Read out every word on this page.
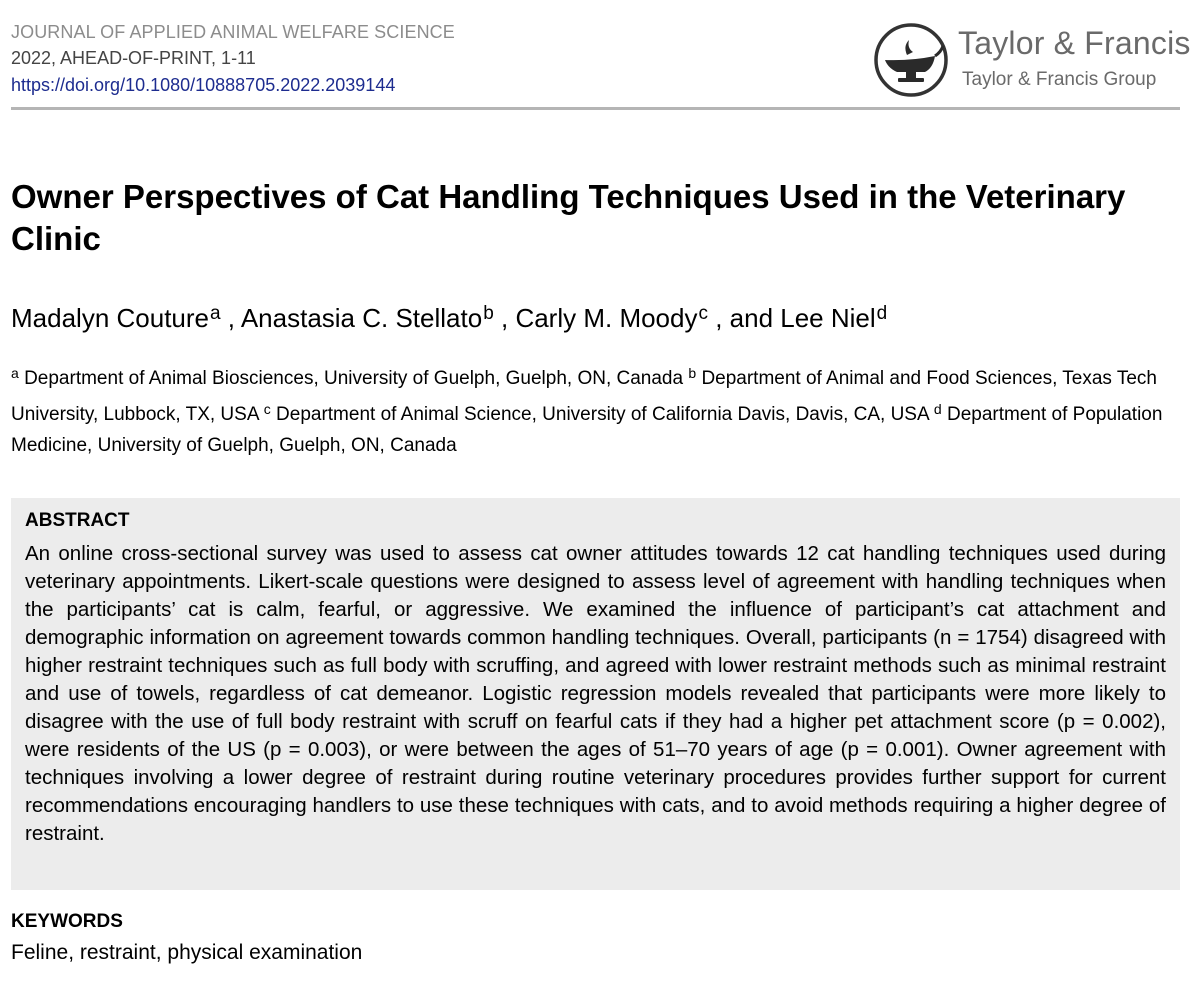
JOURNAL OF APPLIED ANIMAL WELFARE SCIENCE
2022, AHEAD-OF-PRINT, 1-11
https://doi.org/10.1080/10888705.2022.2039144
Taylor & Francis
Taylor & Francis Group
Owner Perspectives of Cat Handling Techniques Used in the Veterinary Clinic
Madalyn Couture$^a$ , Anastasia C. Stellato$^b$ , Carly M. Moody$^c$ , and Lee Niel$^d$
$^a$ Department of Animal Biosciences, University of Guelph, Guelph, ON, Canada $^b$ Department of Animal and Food Sciences, Texas Tech University, Lubbock, TX, USA $^c$ Department of Animal Science, University of California Davis, Davis, CA, USA $^d$ Department of Population Medicine, University of Guelph, Guelph, ON, Canada
ABSTRACT

An online cross-sectional survey was used to assess cat owner attitudes towards 12 cat handling techniques used during veterinary appointments. Likert-scale questions were designed to assess level of agreement with handling techniques when the participants’ cat is calm, fearful, or aggressive. We examined the influence of participant’s cat attachment and demographic information on agreement towards common handling techniques. Overall, participants (n = 1754) disagreed with higher restraint techniques such as full body with scruffing, and agreed with lower restraint methods such as minimal restraint and use of towels, regardless of cat demeanor. Logistic regression models revealed that participants were more likely to disagree with the use of full body restraint with scruff on fearful cats if they had a higher pet attachment score (p = 0.002), were residents of the US (p = 0.003), or were between the ages of 51–70 years of age (p = 0.001). Owner agreement with techniques involving a lower degree of restraint during routine veterinary procedures provides further support for current recommendations encouraging handlers to use these techniques with cats, and to avoid methods requiring a higher degree of restraint.

KEYWORDS
Feline, restraint, physical examination
